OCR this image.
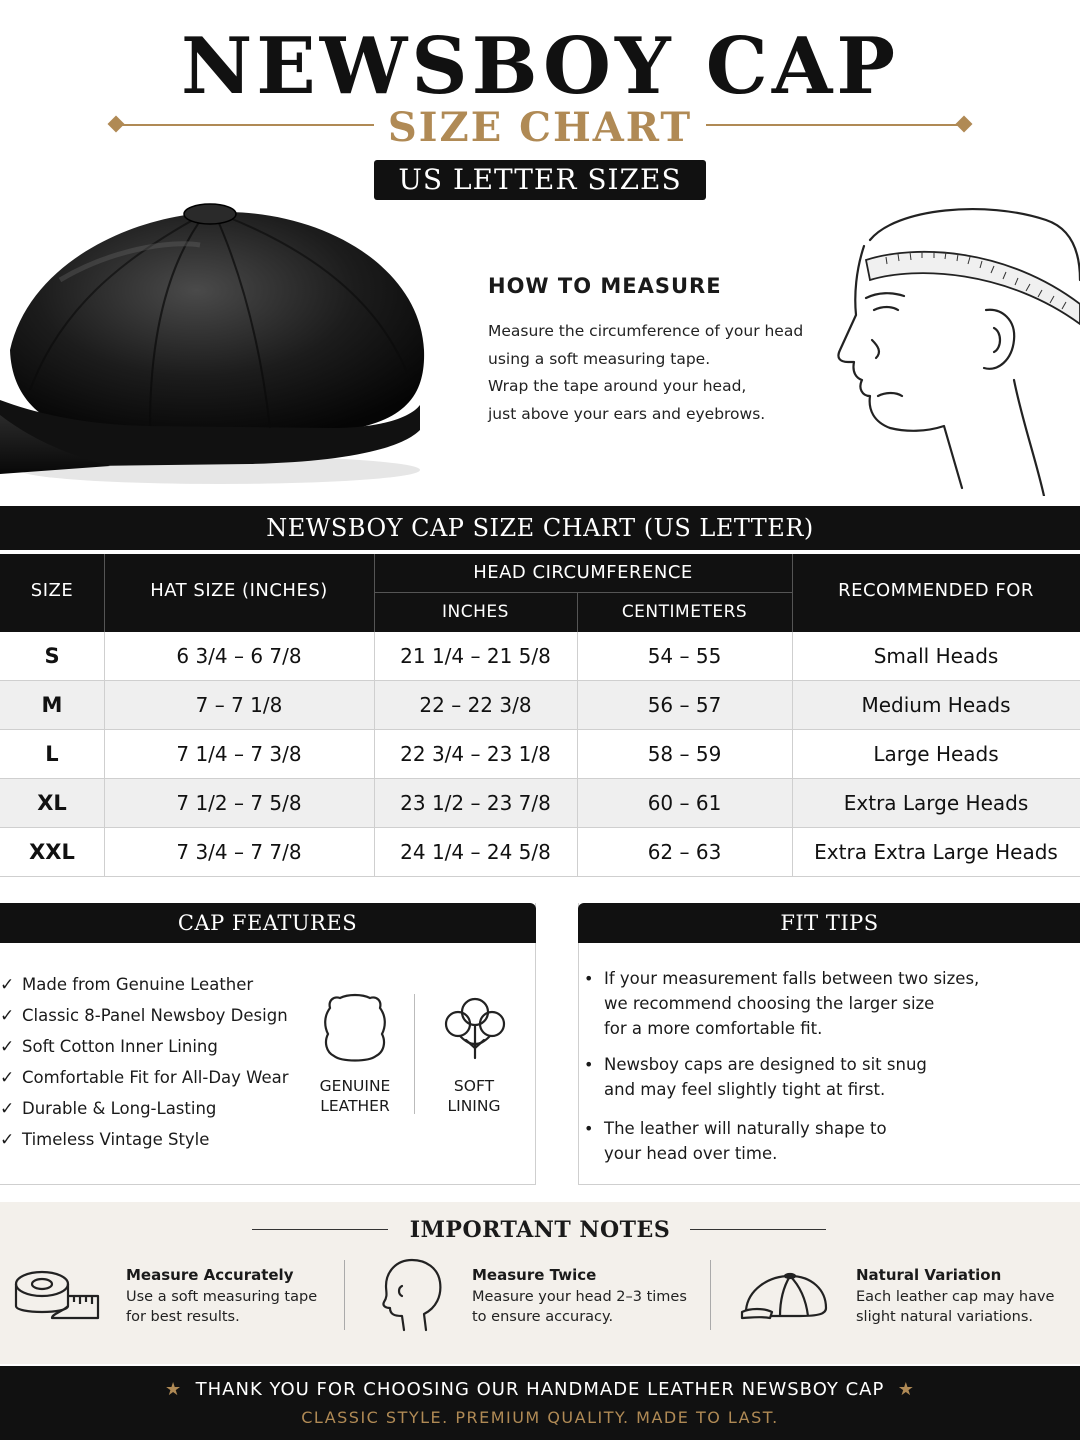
NEWSBOY CAP
SIZE CHART
US LETTER SIZES
HOW TO MEASURE
Measure the circumference of your head
using a soft measuring tape.
Wrap the tape around your head,
just above your ears and eyebrows.
NEWSBOY CAP SIZE CHART (US LETTER)
SIZE	HAT SIZE (INCHES)
HEAD CIRCUMFERENCE
INCHES	CENTIMETERS
RECOMMENDED FOR
S	6 3/4 – 6 7/8	21 1/4 – 21 5/8	54 – 55	Small Heads
M	7 – 7 1/8	22 – 22 3/8	56 – 57	Medium Heads
L	7 1/4 – 7 3/8	22 3/4 – 23 1/8	58 – 59	Large Heads
XL	7 1/2 – 7 5/8	23 1/2 – 23 7/8	60 – 61	Extra Large Heads
XXL	7 3/4 – 7 7/8	24 1/4 – 24 5/8	62 – 63	Extra Extra Large Heads
CAP FEATURES
✓ Made from Genuine Leather
✓ Classic 8-Panel Newsboy Design
✓ Soft Cotton Inner Lining
✓ Comfortable Fit for All-Day Wear
✓ Durable & Long-Lasting
✓ Timeless Vintage Style
GENUINE
LEATHER
SOFT
LINING
FIT TIPS
• If your measurement falls between two sizes,
we recommend choosing the larger size
for a more comfortable fit.
• Newsboy caps are designed to sit snug
and may feel slightly tight at first.
• The leather will naturally shape to
your head over time.
IMPORTANT NOTES
Measure Accurately
Use a soft measuring tape
for best results.
Measure Twice
Measure your head 2–3 times
to ensure accuracy.
Natural Variation
Each leather cap may have
slight natural variations.
★ THANK YOU FOR CHOOSING OUR HANDMADE LEATHER NEWSBOY CAP ★
CLASSIC STYLE. PREMIUM QUALITY. MADE TO LAST.
